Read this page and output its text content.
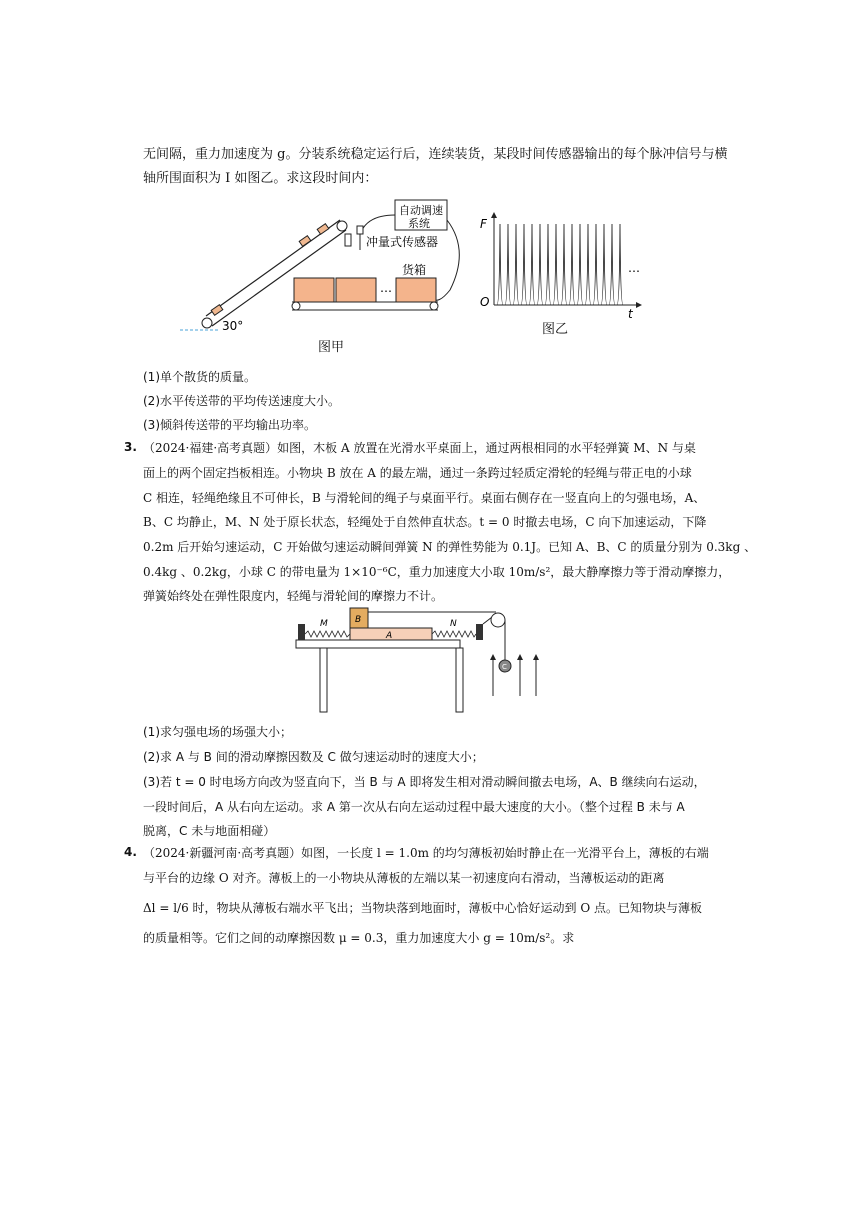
无间隔，重力加速度为 g。分装系统稳定运行后，连续装货，某段时间传感器输出的每个脉冲信号与横
轴所围面积为 I 如图乙。求这段时间内：
30°
自动调速
系统
冲量式传感器
…
货箱
图甲
F
t
O
…
图乙
(1)单个散货的质量。
(2)水平传送带的平均传送速度大小。
(3)倾斜传送带的平均输出功率。
3. （2024·福建·高考真题）如图，木板 A 放置在光滑水平桌面上，通过两根相同的水平轻弹簧 M、N 与桌
面上的两个固定挡板相连。小物块 B 放在 A 的最左端，通过一条跨过轻质定滑轮的轻绳与带正电的小球
C 相连，轻绳绝缘且不可伸长，B 与滑轮间的绳子与桌面平行。桌面右侧存在一竖直向上的匀强电场，A、
B、C 均静止，M、N 处于原长状态，轻绳处于自然伸直状态。t = 0 时撤去电场，C 向下加速运动，下降
0.2m 后开始匀速运动，C 开始做匀速运动瞬间弹簧 N 的弹性势能为 0.1J。已知 A、B、C 的质量分别为 0.3kg 、
0.4kg 、0.2kg，小球 C 的带电量为 1×10⁻⁶C，重力加速度大小取 10m/s²，最大静摩擦力等于滑动摩擦力，
弹簧始终处在弹性限度内，轻绳与滑轮间的摩擦力不计。
A
B
M	N
C
(1)求匀强电场的场强大小；
(2)求 A 与 B 间的滑动摩擦因数及 C 做匀速运动时的速度大小；
(3)若 t = 0 时电场方向改为竖直向下，当 B 与 A 即将发生相对滑动瞬间撤去电场，A、B 继续向右运动，
一段时间后，A 从右向左运动。求 A 第一次从右向左运动过程中最大速度的大小。（整个过程 B 未与 A
脱离，C 未与地面相碰）
4. （2024·新疆河南·高考真题）如图，一长度 l = 1.0m 的均匀薄板初始时静止在一光滑平台上，薄板的右端
与平台的边缘 O 对齐。薄板上的一小物块从薄板的左端以某一初速度向右滑动，当薄板运动的距离
Δl = l/6 时，物块从薄板右端水平飞出；当物块落到地面时，薄板中心恰好运动到 O 点。已知物块与薄板
的质量相等。它们之间的动摩擦因数 μ = 0.3，重力加速度大小 g = 10m/s²。求
